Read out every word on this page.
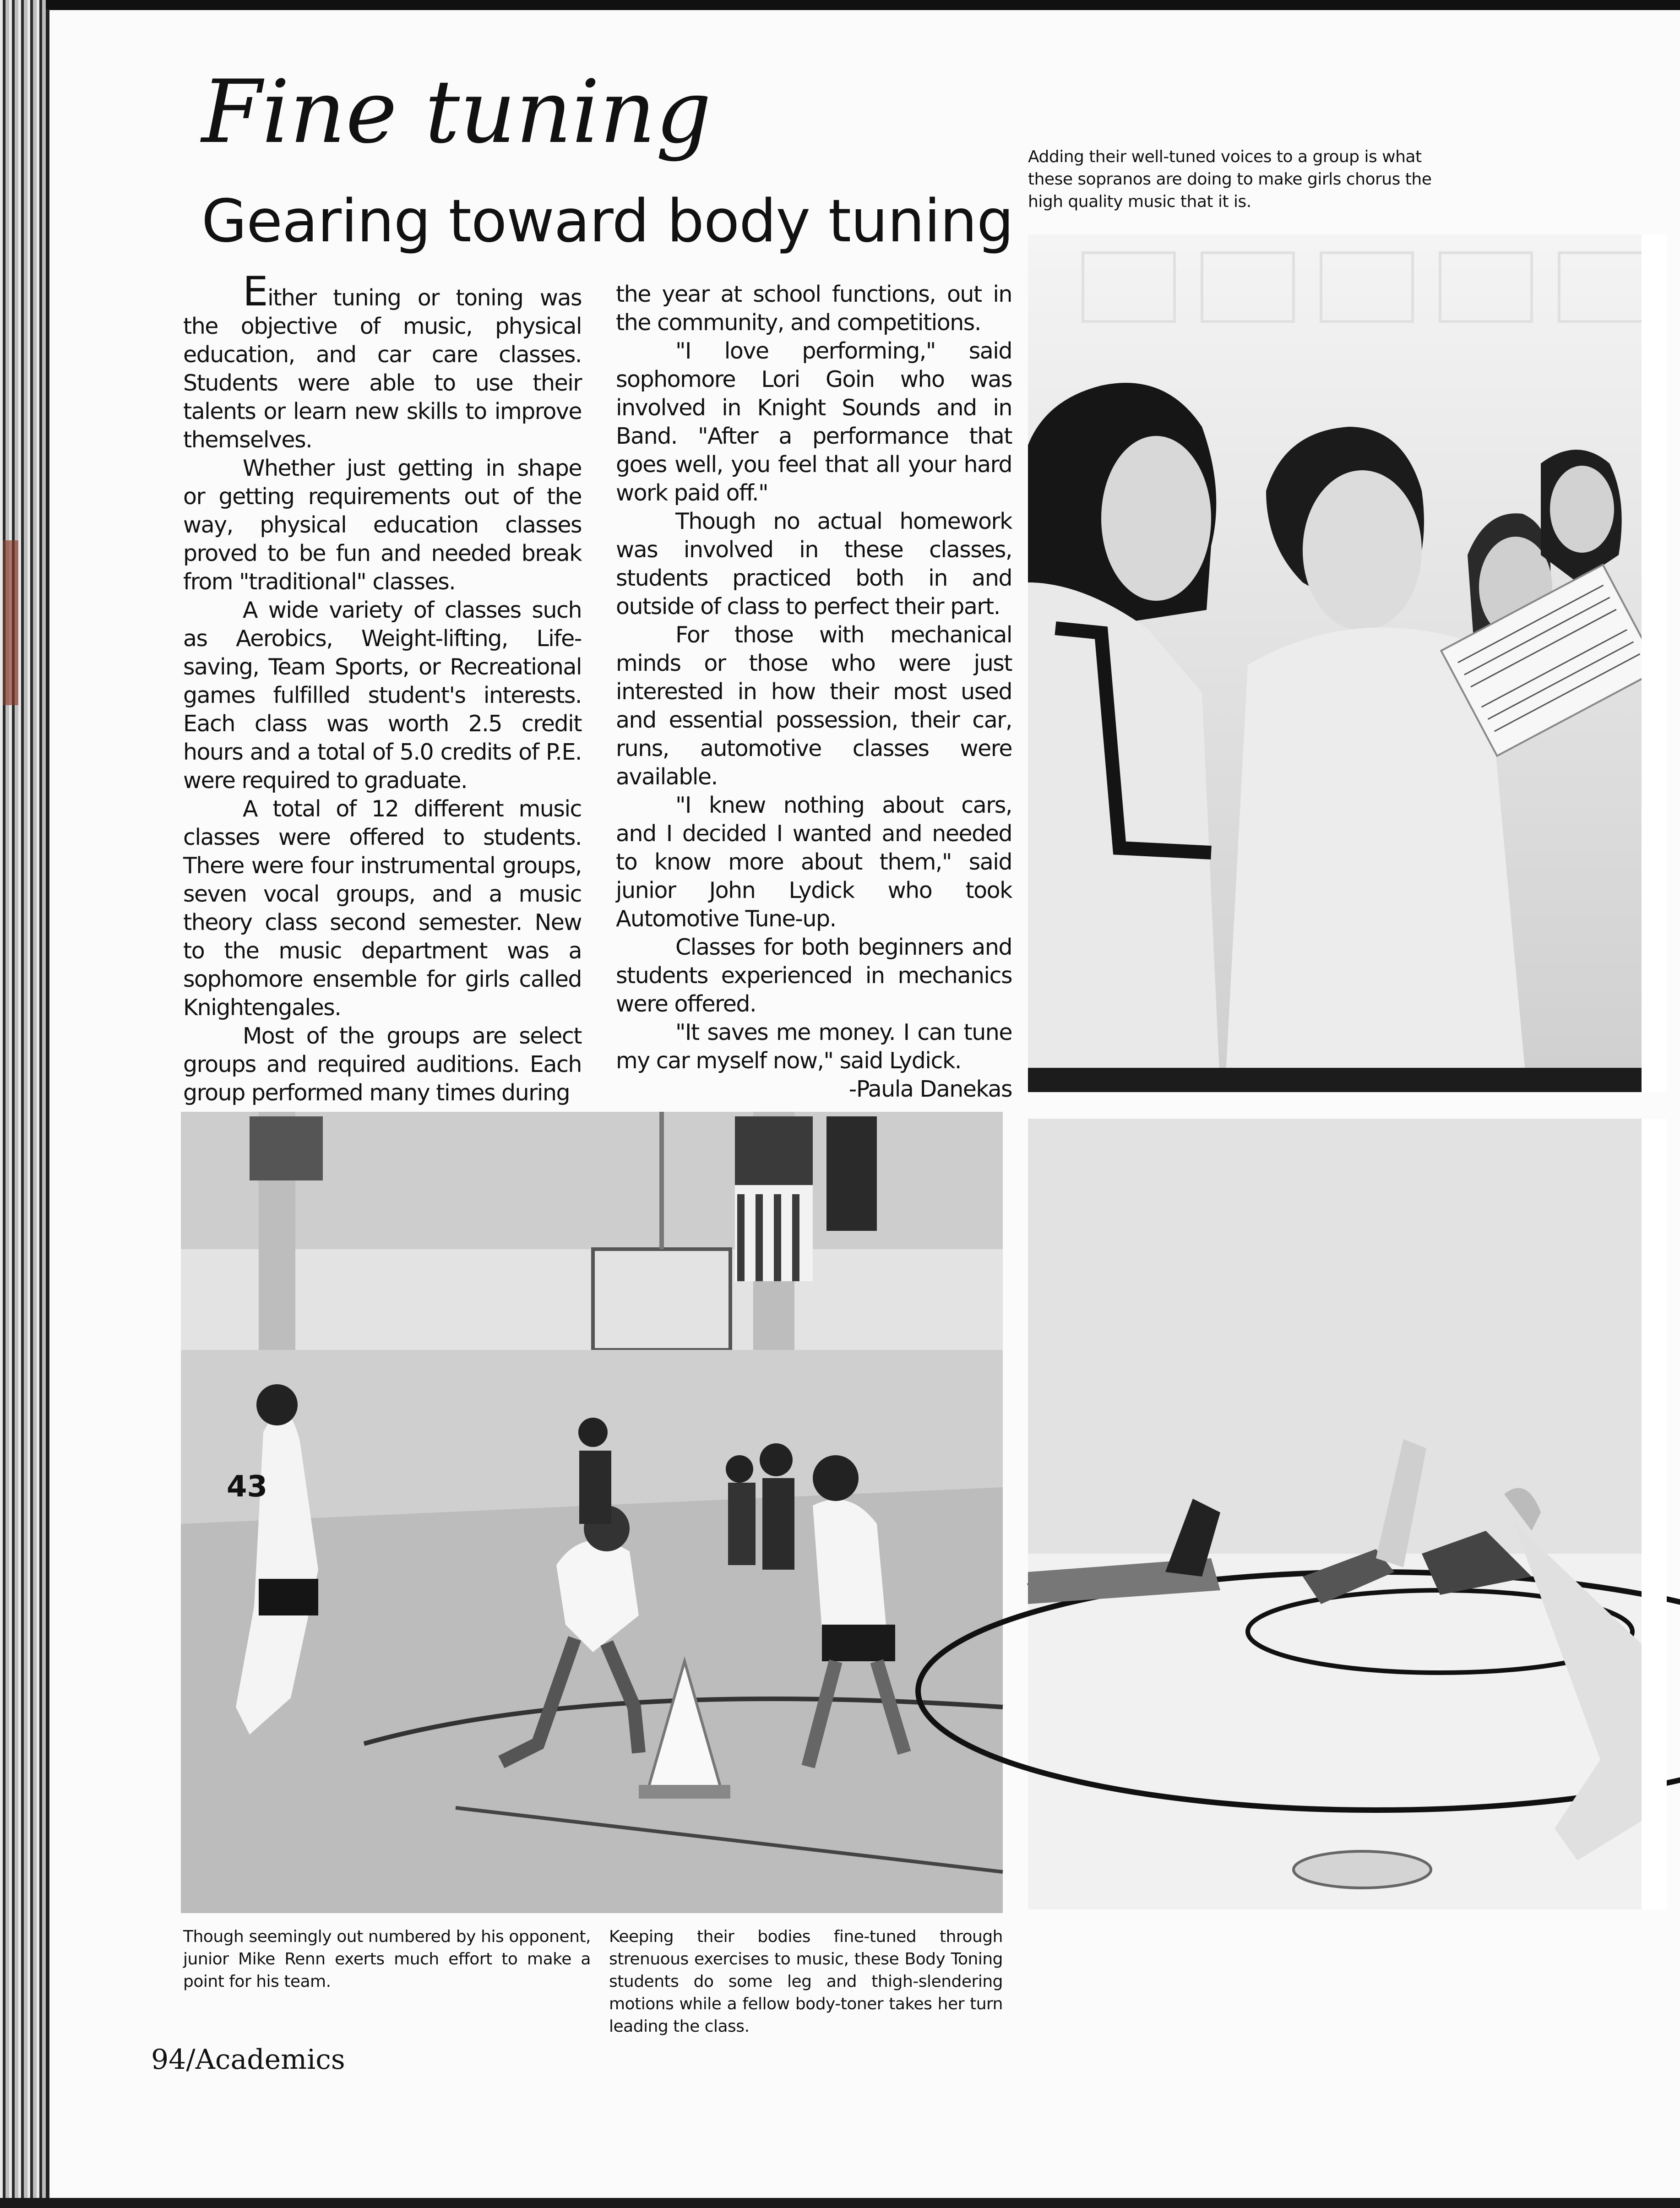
Fine tuning
Gearing toward body tuning

Either tuning or toning was the objective of music, physical education, and car care classes. Students were able to use their talents or learn new skills to improve themselves.

Whether just getting in shape or getting requirements out of the way, physical education classes proved to be fun and needed break from "traditional" classes.

A wide variety of classes such as Aerobics, Weight-lifting, Life-saving, Team Sports, or Recreational games fulfilled student's interests. Each class was worth 2.5 credit hours and a total of 5.0 credits of P.E. were required to graduate.

A total of 12 different music classes were offered to students. There were four instrumental groups, seven vocal groups, and a music theory class second semester. New to the music department was a sophomore ensemble for girls called Knightengales.

Most of the groups are select groups and required auditions. Each group performed many times during

the year at school functions, out in the community, and competitions.

"I love performing," said sophomore Lori Goin who was involved in Knight Sounds and in Band. "After a performance that goes well, you feel that all your hard work paid off."

Though no actual homework was involved in these classes, students practiced both in and outside of class to perfect their part.

For those with mechanical minds or those who were just interested in how their most used and essential possession, their car, runs, automotive classes were available.

"I knew nothing about cars, and I decided I wanted and needed to know more about them," said junior John Lydick who took Automotive Tune-up.

Classes for both beginners and students experienced in mechanics were offered.

"It saves me money. I can tune my car myself now," said Lydick.

-Paula Danekas

Adding their well-tuned voices to a group is what these sopranos are doing to make girls chorus the high quality music that it is.

43

Though seemingly out numbered by his opponent, junior Mike Renn exerts much effort to make a point for his team.

Keeping their bodies fine-tuned through strenuous exercises to music, these Body Toning students do some leg and thigh-slendering motions while a fellow body-toner takes her turn leading the class.

94/Academics
